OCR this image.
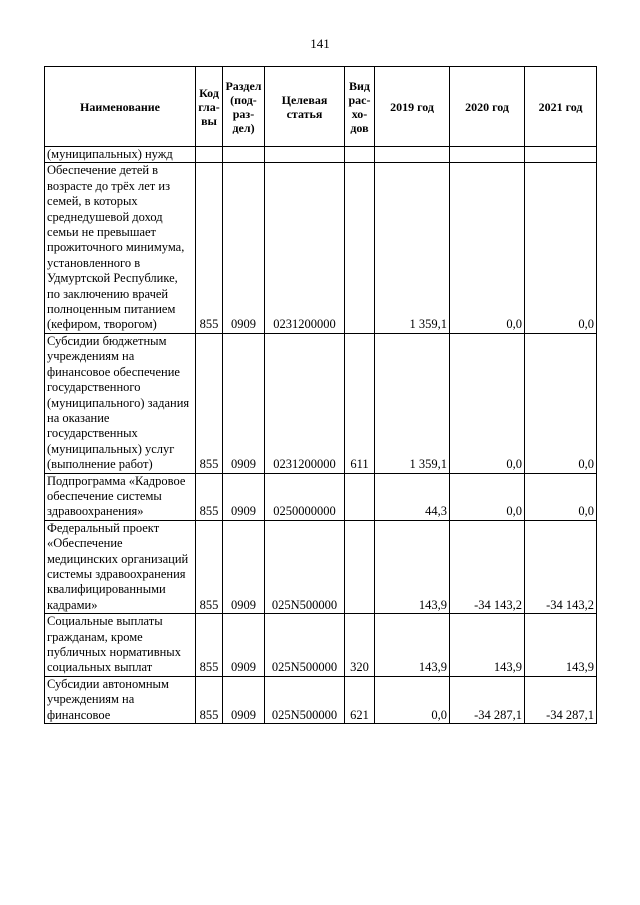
141
Наименование	Код гла-вы	Раздел (под-раз-дел)	Целевая статья	Вид рас-хо-дов	2019 год	2020 год	2021 год
(муниципальных) нужд							
Обеспечение детей в возрасте до трёх лет из семей, в которых среднедушевой доход семьи не превышает прожиточного минимума, установленного в Удмуртской Республике, по заключению врачей полноценным питанием (кефиром, творогом)	855	0909	0231200000		1 359,1	0,0	0,0
Субсидии бюджетным учреждениям на финансовое обеспечение государственного (муниципального) задания на оказание государственных (муниципальных) услуг (выполнение работ)	855	0909	0231200000	611	1 359,1	0,0	0,0
Подпрограмма «Кадровое обеспечение системы здравоохранения»	855	0909	0250000000		44,3	0,0	0,0
Федеральный проект «Обеспечение медицинских организаций системы здравоохранения квалифицированными кадрами»	855	0909	025N500000		143,9	-34 143,2	-34 143,2
Социальные выплаты гражданам, кроме публичных нормативных социальных выплат	855	0909	025N500000	320	143,9	143,9	143,9
Субсидии автономным учреждениям на финансовое	855	0909	025N500000	621	0,0	-34 287,1	-34 287,1
